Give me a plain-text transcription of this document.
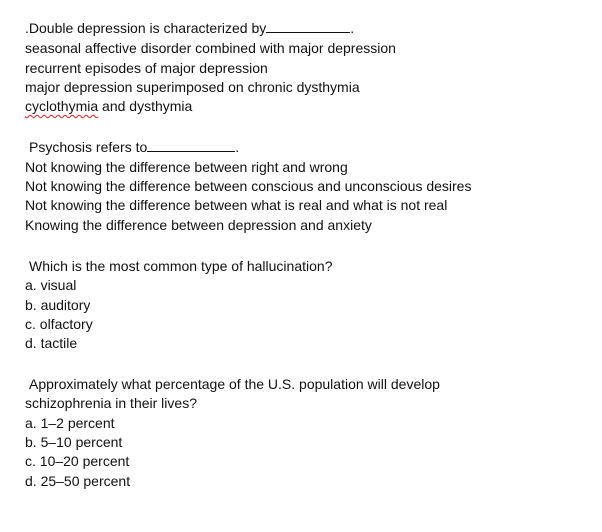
.Double depression is characterized by	.
seasonal affective disorder combined with major depression
recurrent episodes of major depression
major depression superimposed on chronic dysthymia
cyclothymia and dysthymia
Psychosis refers to	.
Not knowing the difference between right and wrong
Not knowing the difference between conscious and unconscious desires
Not knowing the difference between what is real and what is not real
Knowing the difference between depression and anxiety
Which is the most common type of hallucination?
a. visual
b. auditory
c. olfactory
d. tactile
Approximately what percentage of the U.S. population will develop
schizophrenia in their lives?
a. 1–2 percent
b. 5–10 percent
c. 10–20 percent
d. 25–50 percent
